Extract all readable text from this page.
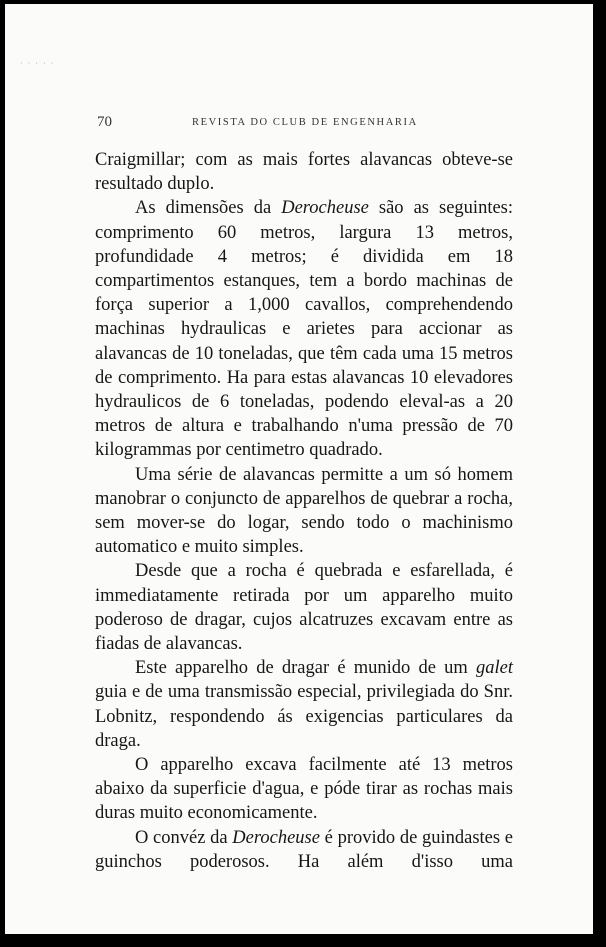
·····
70	REVISTA DO CLUB DE ENGENHARIA

Craigmillar; com as mais fortes alavancas obteve-se
resultado duplo.

As dimensões da Derocheuse são as seguintes: comprimento 60 metros, largura 13 metros, profundidade 4 metros; é dividida em 18 compartimentos estanques, tem a bordo machinas de força superior a 1,000 cavallos, comprehendendo machinas hydraulicas e arietes para accionar as alavancas de 10 toneladas, que têm cada uma 15 metros de comprimento. Ha para estas alavancas 10 elevadores hydraulicos de 6 toneladas, podendo eleval-as a 20 metros de altura e trabalhando n'uma pressão de 70 kilogrammas por centimetro quadrado.

Uma série de alavancas permitte a um só homem manobrar o conjuncto de apparelhos de quebrar a rocha, sem mover-se do logar, sendo todo o machinismo automatico e muito simples.

Desde que a rocha é quebrada e esfarellada, é immediatamente retirada por um apparelho muito poderoso de dragar, cujos alcatruzes excavam entre as fiadas de alavancas.

Este apparelho de dragar é munido de um galet guia e de uma transmissão especial, privilegiada do Snr. Lobnitz, respondendo ás exigencias particulares da draga.

O apparelho excava facilmente até 13 metros abaixo da superficie d'agua, e póde tirar as rochas mais duras muito economicamente.

O convéz da Derocheuse é provido de guindastes e guinchos poderosos. Ha além d'isso uma
